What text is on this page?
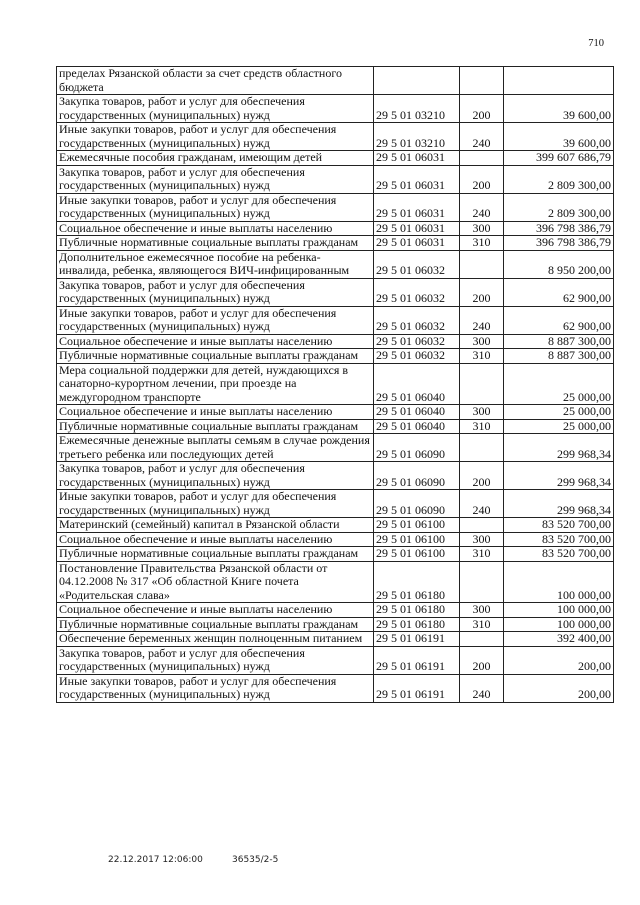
710
пределах Рязанской области за счет средств областного бюджета			
Закупка товаров, работ и услуг для обеспечения государственных (муниципальных) нужд	29 5 01 03210	200	39 600,00
Иные закупки товаров, работ и услуг для обеспечения государственных (муниципальных) нужд	29 5 01 03210	240	39 600,00
Ежемесячные пособия гражданам, имеющим детей	29 5 01 06031		399 607 686,79
Закупка товаров, работ и услуг для обеспечения государственных (муниципальных) нужд	29 5 01 06031	200	2 809 300,00
Иные закупки товаров, работ и услуг для обеспечения государственных (муниципальных) нужд	29 5 01 06031	240	2 809 300,00
Социальное обеспечение и иные выплаты населению	29 5 01 06031	300	396 798 386,79
Публичные нормативные социальные выплаты гражданам	29 5 01 06031	310	396 798 386,79
Дополнительное ежемесячное пособие на ребенка-инвалида, ребенка, являющегося ВИЧ-инфицированным	29 5 01 06032		8 950 200,00
Закупка товаров, работ и услуг для обеспечения государственных (муниципальных) нужд	29 5 01 06032	200	62 900,00
Иные закупки товаров, работ и услуг для обеспечения государственных (муниципальных) нужд	29 5 01 06032	240	62 900,00
Социальное обеспечение и иные выплаты населению	29 5 01 06032	300	8 887 300,00
Публичные нормативные социальные выплаты гражданам	29 5 01 06032	310	8 887 300,00
Мера социальной поддержки для детей, нуждающихся в санаторно-курортном лечении, при проезде на междугородном транспорте	29 5 01 06040		25 000,00
Социальное обеспечение и иные выплаты населению	29 5 01 06040	300	25 000,00
Публичные нормативные социальные выплаты гражданам	29 5 01 06040	310	25 000,00
Ежемесячные денежные выплаты семьям в случае рождения третьего ребенка или последующих детей	29 5 01 06090		299 968,34
Закупка товаров, работ и услуг для обеспечения государственных (муниципальных) нужд	29 5 01 06090	200	299 968,34
Иные закупки товаров, работ и услуг для обеспечения государственных (муниципальных) нужд	29 5 01 06090	240	299 968,34
Материнский (семейный) капитал в Рязанской области	29 5 01 06100		83 520 700,00
Социальное обеспечение и иные выплаты населению	29 5 01 06100	300	83 520 700,00
Публичные нормативные социальные выплаты гражданам	29 5 01 06100	310	83 520 700,00
Постановление Правительства Рязанской области от 04.12.2008 № 317 «Об областной Книге почета «Родительская слава»	29 5 01 06180		100 000,00
Социальное обеспечение и иные выплаты населению	29 5 01 06180	300	100 000,00
Публичные нормативные социальные выплаты гражданам	29 5 01 06180	310	100 000,00
Обеспечение беременных женщин полноценным питанием	29 5 01 06191		392 400,00
Закупка товаров, работ и услуг для обеспечения государственных (муниципальных) нужд	29 5 01 06191	200	200,00
Иные закупки товаров, работ и услуг для обеспечения государственных (муниципальных) нужд	29 5 01 06191	240	200,00
22.12.2017 12:06:00	36535/2-5
